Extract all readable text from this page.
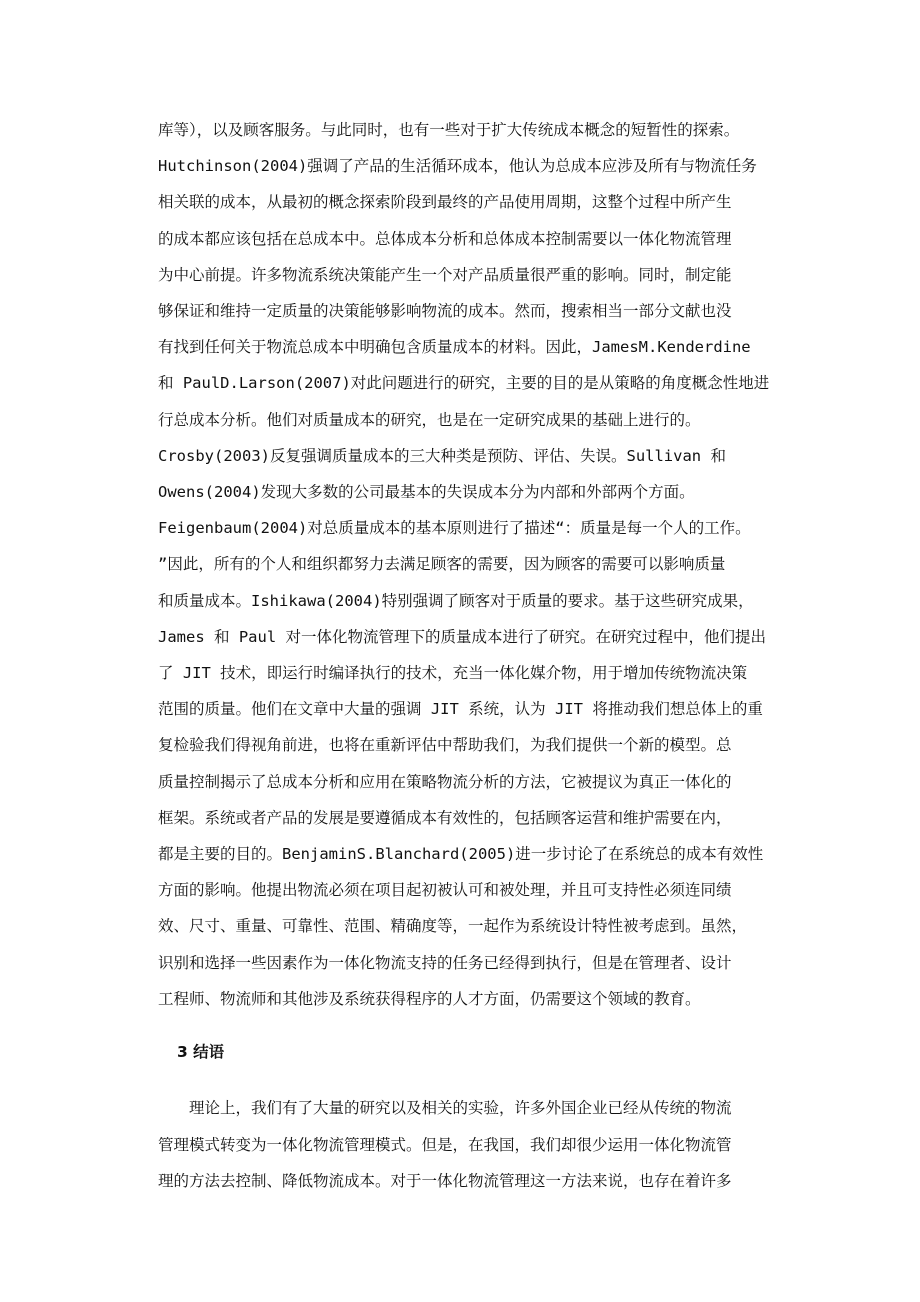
库等），以及顾客服务。与此同时，也有一些对于扩大传统成本概念的短暂性的探索。
Hutchinson(2004)强调了产品的生活循环成本，他认为总成本应涉及所有与物流任务
相关联的成本，从最初的概念探索阶段到最终的产品使用周期，这整个过程中所产生
的成本都应该包括在总成本中。总体成本分析和总体成本控制需要以一体化物流管理
为中心前提。许多物流系统决策能产生一个对产品质量很严重的影响。同时，制定能
够保证和维持一定质量的决策能够影响物流的成本。然而，搜索相当一部分文献也没
有找到任何关于物流总成本中明确包含质量成本的材料。因此，JamesM.Kenderdine
和 PaulD.Larson(2007)对此问题进行的研究，主要的目的是从策略的角度概念性地进
行总成本分析。他们对质量成本的研究，也是在一定研究成果的基础上进行的。
Crosby(2003)反复强调质量成本的三大种类是预防、评估、失误。Sullivan 和
Owens(2004)发现大多数的公司最基本的失误成本分为内部和外部两个方面。
Feigenbaum(2004)对总质量成本的基本原则进行了描述“：质量是每一个人的工作。
”因此，所有的个人和组织都努力去满足顾客的需要，因为顾客的需要可以影响质量
和质量成本。Ishikawa(2004)特别强调了顾客对于质量的要求。基于这些研究成果，
James 和 Paul 对一体化物流管理下的质量成本进行了研究。在研究过程中，他们提出
了 JIT 技术，即运行时编译执行的技术，充当一体化媒介物，用于增加传统物流决策
范围的质量。他们在文章中大量的强调 JIT 系统，认为 JIT 将推动我们想总体上的重
复检验我们得视角前进，也将在重新评估中帮助我们，为我们提供一个新的模型。总
质量控制揭示了总成本分析和应用在策略物流分析的方法，它被提议为真正一体化的
框架。系统或者产品的发展是要遵循成本有效性的，包括顾客运营和维护需要在内，
都是主要的目的。BenjaminS.Blanchard(2005)进一步讨论了在系统总的成本有效性
方面的影响。他提出物流必须在项目起初被认可和被处理，并且可支持性必须连同绩
效、尺寸、重量、可靠性、范围、精确度等，一起作为系统设计特性被考虑到。虽然，
识别和选择一些因素作为一体化物流支持的任务已经得到执行，但是在管理者、设计
工程师、物流师和其他涉及系统获得程序的人才方面，仍需要这个领域的教育。
3 结语
　　理论上，我们有了大量的研究以及相关的实验，许多外国企业已经从传统的物流
管理模式转变为一体化物流管理模式。但是，在我国，我们却很少运用一体化物流管
理的方法去控制、降低物流成本。对于一体化物流管理这一方法来说，也存在着许多
